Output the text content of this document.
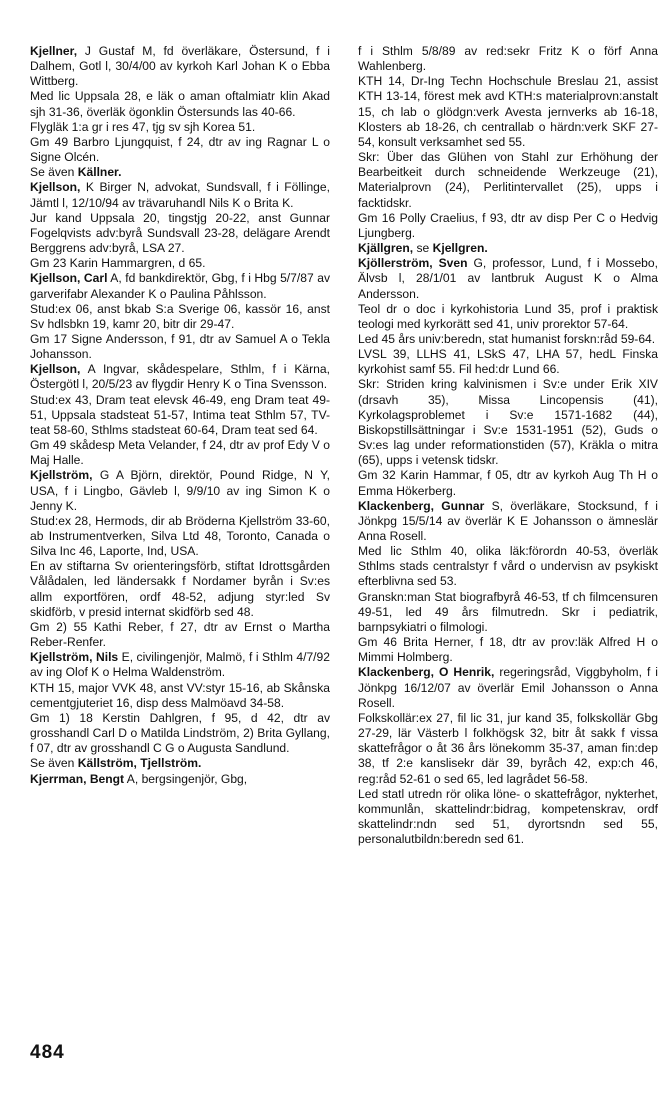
Kjellner, J Gustaf M, fd överläkare, Östersund, f i Dalhem, Gotl l, 30/4/00 av kyrkoh Karl Johan K o Ebba Wittberg.

Med lic Uppsala 28, e läk o aman oftalmiatr klin Akad sjh 31-36, överläk ögonklin Östersunds las 40-66.

Flygläk 1:a gr i res 47, tjg sv sjh Korea 51.

Gm 49 Barbro Ljungquist, f 24, dtr av ing Ragnar L o Signe Olcén.

Se även Källner.

Kjellson, K Birger N, advokat, Sundsvall, f i Föllinge, Jämtl l, 12/10/94 av trävaruhandl Nils K o Brita K.

Jur kand Uppsala 20, tingstjg 20-22, anst Gunnar Fogelqvists adv:byrå Sundsvall 23-28, delägare Arendt Berggrens adv:byrå, LSA 27.

Gm 23 Karin Hammargren, d 65.

Kjellson, Carl A, fd bankdirektör, Gbg, f i Hbg 5/7/87 av garverifabr Alexander K o Paulina Påhlsson.

Stud:ex 06, anst bkab S:a Sverige 06, kassör 16, anst Sv hdlsbkn 19, kamr 20, bitr dir 29-47.

Gm 17 Signe Andersson, f 91, dtr av Samuel A o Tekla Johansson.

Kjellson, A Ingvar, skådespelare, Sthlm, f i Kärna, Östergötl l, 20/5/23 av flygdir Henry K o Tina Svensson.

Stud:ex 43, Dram teat elevsk 46-49, eng Dram teat 49-51, Uppsala stadsteat 51-57, Intima teat Sthlm 57, TV-teat 58-60, Sthlms stadsteat 60-64, Dram teat sed 64.

Gm 49 skådesp Meta Velander, f 24, dtr av prof Edy V o Maj Halle.

Kjellström, G A Björn, direktör, Pound Ridge, N Y, USA, f i Lingbo, Gävleb l, 9/9/10 av ing Simon K o Jenny K.

Stud:ex 28, Hermods, dir ab Bröderna Kjellström 33-60, ab Instrumentverken, Silva Ltd 48, Toronto, Canada o Silva Inc 46, Laporte, Ind, USA.

En av stiftarna Sv orienteringsförb, stiftat Idrottsgården Vålådalen, led ländersakk f Nordamer byrån i Sv:es allm exportfören, ordf 48-52, adjung styr:led Sv skidförb, v presid internat skidförb sed 48.

Gm 2) 55 Kathi Reber, f 27, dtr av Ernst o Martha Reber-Renfer.

Kjellström, Nils E, civilingenjör, Malmö, f i Sthlm 4/7/92 av ing Olof K o Helma Waldenström.

KTH 15, major VVK 48, anst VV:styr 15-16, ab Skånska cementgjuteriet 16, disp dess Malmöavd 34-58.

Gm 1) 18 Kerstin Dahlgren, f 95, d 42, dtr av grosshandl Carl D o Matilda Lindström, 2) Brita Gyllang, f 07, dtr av grosshandl C G o Augusta Sandlund.

Se även Källström, Tjellström.

Kjerrman, Bengt A, bergsingenjör, Gbg,

f i Sthlm 5/8/89 av red:sekr Fritz K o förf Anna Wahlenberg.

KTH 14, Dr-Ing Techn Hochschule Breslau 21, assist KTH 13-14, förest mek avd KTH:s materialprovn:anstalt 15, ch lab o glödgn:verk Avesta jernverks ab 16-18, Klosters ab 18-26, ch centrallab o härdn:verk SKF 27-54, konsult verksamhet sed 55.

Skr: Über das Glühen von Stahl zur Erhöhung der Bearbeitkeit durch schneidende Werkzeuge (21), Materialprovn (24), Perlitintervallet (25), upps i facktidskr.

Gm 16 Polly Craelius, f 93, dtr av disp Per C o Hedvig Ljungberg.

Kjällgren, se Kjellgren.

Kjöllerström, Sven G, professor, Lund, f i Mossebo, Älvsb l, 28/1/01 av lantbruk August K o Alma Andersson.

Teol dr o doc i kyrkohistoria Lund 35, prof i praktisk teologi med kyrkorätt sed 41, univ prorektor 57-64.

Led 45 års univ:beredn, stat humanist forskn:råd 59-64.

LVSL 39, LLHS 41, LSkS 47, LHA 57, hedL Finska kyrkohist samf 55. Fil hed:dr Lund 66.

Skr: Striden kring kalvinismen i Sv:e under Erik XIV (drsavh 35), Missa Lincopensis (41), Kyrkolagsproblemet i Sv:e 1571-1682 (44), Biskopstillsättningar i Sv:e 1531-1951 (52), Guds o Sv:es lag under reformationstiden (57), Kräkla o mitra (65), upps i vetensk tidskr.

Gm 32 Karin Hammar, f 05, dtr av kyrkoh Aug Th H o Emma Hökerberg.

Klackenberg, Gunnar S, överläkare, Stocksund, f i Jönkpg 15/5/14 av överlär K E Johansson o ämneslär Anna Rosell.

Med lic Sthlm 40, olika läk:förordn 40-53, överläk Sthlms stads centralstyr f vård o undervisn av psykiskt efterblivna sed 53.

Granskn:man Stat biografbyrå 46-53, tf ch filmcensuren 49-51, led 49 års filmutredn. Skr i pediatrik, barnpsykiatri o filmologi.

Gm 46 Brita Herner, f 18, dtr av prov:läk Alfred H o Mimmi Holmberg.

Klackenberg, O Henrik, regeringsråd, Viggbyholm, f i Jönkpg 16/12/07 av överlär Emil Johansson o Anna Rosell.

Folkskollär:ex 27, fil lic 31, jur kand 35, folkskollär Gbg 27-29, lär Västerb l folkhögsk 32, bitr åt sakk f vissa skattefrågor o åt 36 års lönekomm 35-37, aman fin:dep 38, tf 2:e kanslisekr där 39, byråch 42, exp:ch 46, reg:råd 52-61 o sed 65, led lagrådet 56-58.

Led statl utredn rör olika löne- o skattefrågor, nykterhet, kommunlån, skattelindr:bidrag, kompetenskrav, ordf skattelindr:ndn sed 51, dyrortsndn sed 55, personalutbildn:beredn sed 61.

484
